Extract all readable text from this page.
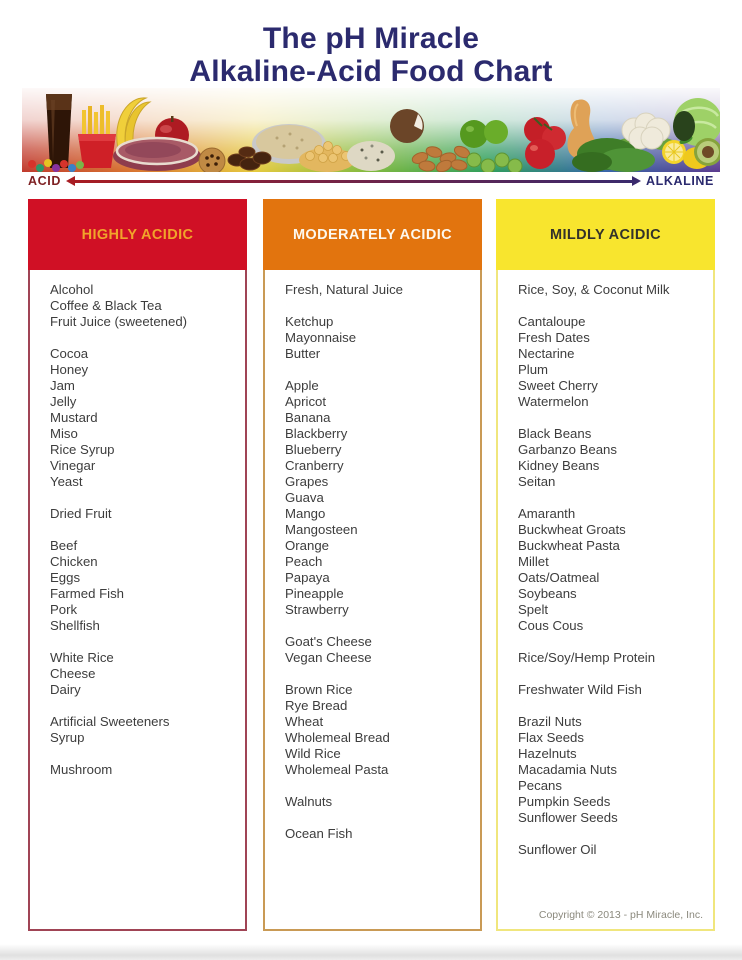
The pH Miracle
Alkaline-Acid Food Chart
ACID	ALKALINE
HIGHLY ACIDIC
Alcohol
Coffee & Black Tea
Fruit Juice (sweetened)
Cocoa
Honey
Jam
Jelly
Mustard
Miso
Rice Syrup
Vinegar
Yeast
Dried Fruit
Beef
Chicken
Eggs
Farmed Fish
Pork
Shellfish
White Rice
Cheese
Dairy
Artificial Sweeteners
Syrup
Mushroom
MODERATELY ACIDIC
Fresh, Natural Juice
Ketchup
Mayonnaise
Butter
Apple
Apricot
Banana
Blackberry
Blueberry
Cranberry
Grapes
Guava
Mango
Mangosteen
Orange
Peach
Papaya
Pineapple
Strawberry
Goat's Cheese
Vegan Cheese
Brown Rice
Rye Bread
Wheat
Wholemeal Bread
Wild Rice
Wholemeal Pasta
Walnuts
Ocean Fish
MILDLY ACIDIC
Rice, Soy, & Coconut Milk
Cantaloupe
Fresh Dates
Nectarine
Plum
Sweet Cherry
Watermelon
Black Beans
Garbanzo Beans
Kidney Beans
Seitan
Amaranth
Buckwheat Groats
Buckwheat Pasta
Millet
Oats/Oatmeal
Soybeans
Spelt
Cous Cous
Rice/Soy/Hemp Protein
Freshwater Wild Fish
Brazil Nuts
Flax Seeds
Hazelnuts
Macadamia Nuts
Pecans
Pumpkin Seeds
Sunflower Seeds
Sunflower Oil
Copyright © 2013 - pH Miracle, Inc.
